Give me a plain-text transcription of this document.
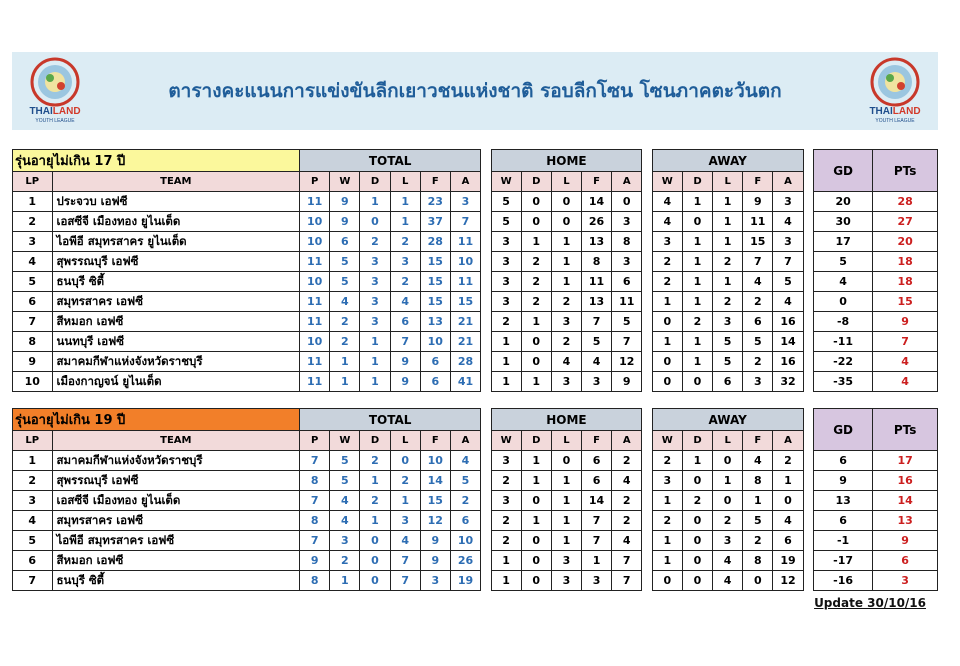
THAILAND
YOUTH LEAGUE
ตารางคะแนนการแข่งขันลีกเยาวชนแห่งชาติ รอบลีกโซน โซนภาคตะวันตก
THAILAND
YOUTH LEAGUE
รุ่นอายุไม่เกิน 17 ปี		TOTAL							HOME						AWAY						GD	PTs
LP	TEAM	P	W	D	L	F	A		W	D	L	F	A		W	D	L	F	A			
1	ประจวบ เอฟซี	11	9	1	1	23	3		5	0	0	14	0		4	1	1	9	3		20	28
2	เอสซีจี เมืองทอง ยูไนเต็ด	10	9	0	1	37	7		5	0	0	26	3		4	0	1	11	4		30	27
3	ไอพีอี สมุทรสาคร ยูไนเต็ด	10	6	2	2	28	11		3	1	1	13	8		3	1	1	15	3		17	20
4	สุพรรณบุรี เอฟซี	11	5	3	3	15	10		3	2	1	8	3		2	1	2	7	7		5	18
5	ธนบุรี ซิตี้	10	5	3	2	15	11		3	2	1	11	6		2	1	1	4	5		4	18
6	สมุทรสาคร เอฟซี	11	4	3	4	15	15		3	2	2	13	11		1	1	2	2	4		0	15
7	สีหมอก เอฟซี	11	2	3	6	13	21		2	1	3	7	5		0	2	3	6	16		-8	9
8	นนทบุรี เอฟซี	10	2	1	7	10	21		1	0	2	5	7		1	1	5	5	14		-11	7
9	สมาคมกีฬาแห่งจังหวัดราชบุรี	11	1	1	9	6	28		1	0	4	4	12		0	1	5	2	16		-22	4
10	เมืองกาญจน์ ยูไนเต็ด	11	1	1	9	6	41		1	1	3	3	9		0	0	6	3	32		-35	4
รุ่นอายุไม่เกิน 19 ปี		TOTAL							HOME						AWAY						GD	PTs
LP	TEAM	P	W	D	L	F	A		W	D	L	F	A		W	D	L	F	A			
1	สมาคมกีฬาแห่งจังหวัดราชบุรี	7	5	2	0	10	4		3	1	0	6	2		2	1	0	4	2		6	17
2	สุพรรณบุรี เอฟซี	8	5	1	2	14	5		2	1	1	6	4		3	0	1	8	1		9	16
3	เอสซีจี เมืองทอง ยูไนเต็ด	7	4	2	1	15	2		3	0	1	14	2		1	2	0	1	0		13	14
4	สมุทรสาคร เอฟซี	8	4	1	3	12	6		2	1	1	7	2		2	0	2	5	4		6	13
5	ไอพีอี สมุทรสาคร เอฟซี	7	3	0	4	9	10		2	0	1	7	4		1	0	3	2	6		-1	9
6	สีหมอก เอฟซี	9	2	0	7	9	26		1	0	3	1	7		1	0	4	8	19		-17	6
7	ธนบุรี ซิตี้	8	1	0	7	3	19		1	0	3	3	7		0	0	4	0	12		-16	3
Update 30/10/16
